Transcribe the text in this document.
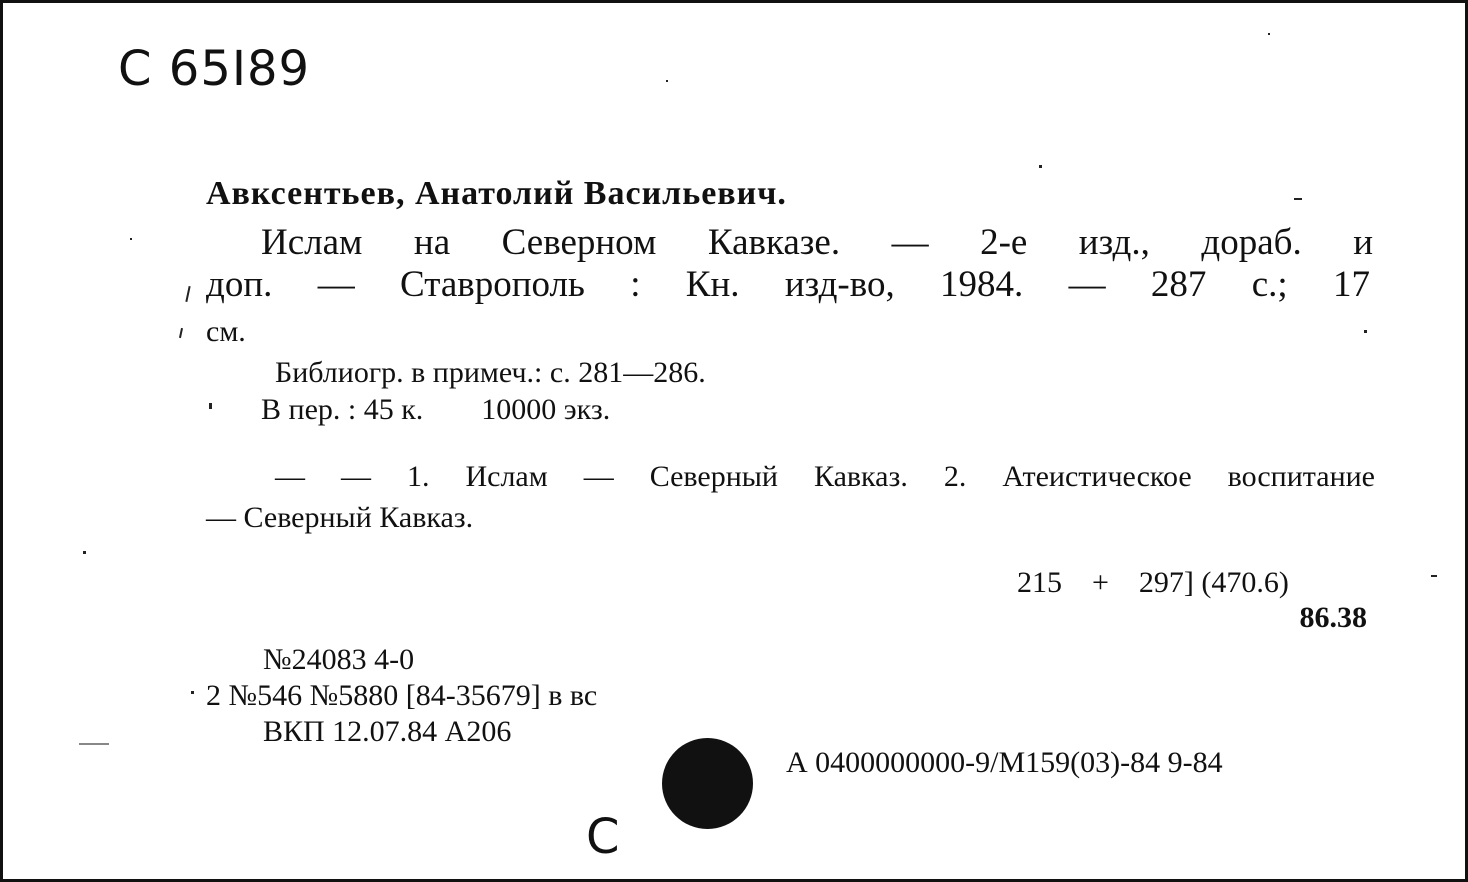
С 65I89
Авксентьев, Анатолий Васильевич.
Ислам на Северном Кавказе. — 2-е изд., дораб. и
доп. — Ставрополь : Кн. изд-во, 1984. — 287 с.; 17
см.
Библиогр. в примеч.: с. 281—286.
В пер. : 45 к. 10000 экз.
— — 1. Ислам — Северный Кавказ. 2. Атеистическое воспитание
— Северный Кавказ.
215 + 297] (470.6)
86.38
№24083 4-0
2 №546 №5880 [84-35679] в вс
ВКП 12.07.84 А206
А 0400000000-9/М159(03)-84 9-84
С
